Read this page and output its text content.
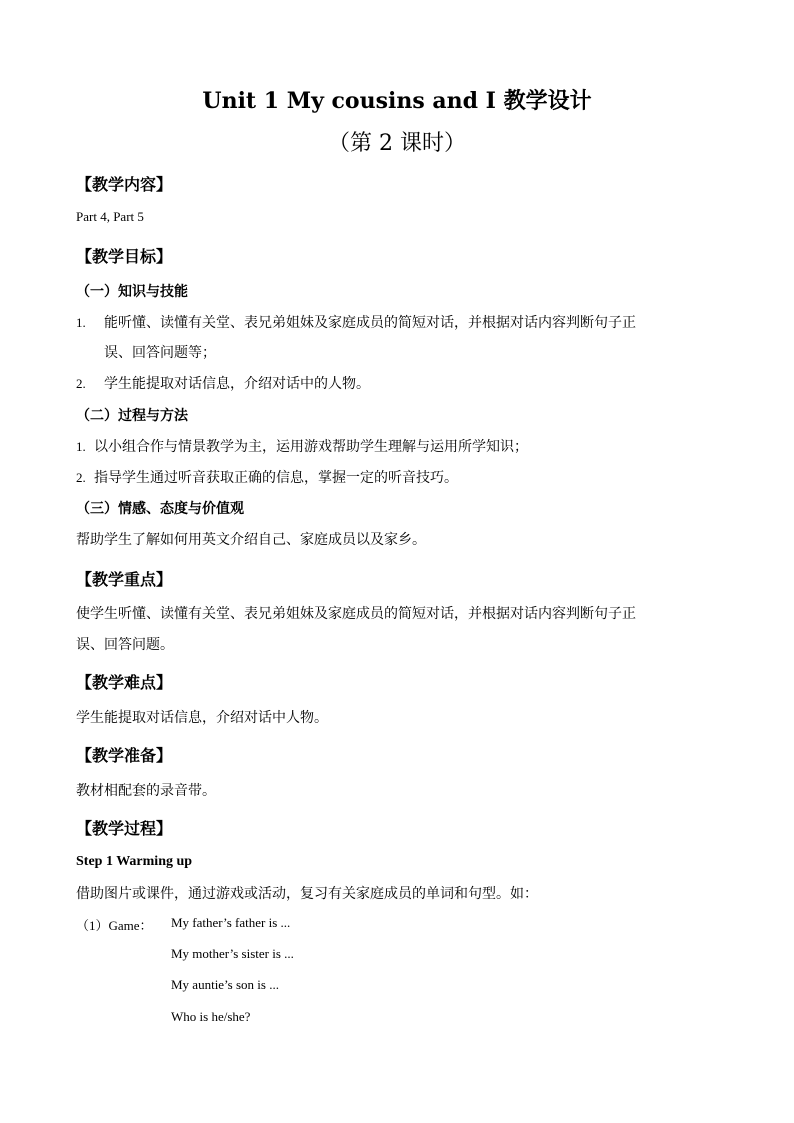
Unit 1 My cousins and I 教学设计
（第 2 课时）
【教学内容】
Part 4, Part 5
【教学目标】
（一）知识与技能
1. 能听懂、读懂有关堂、表兄弟姐妹及家庭成员的简短对话，并根据对话内容判断句子正
误、回答问题等；
2. 学生能提取对话信息，介绍对话中的人物。
（二）过程与方法
1. 以小组合作与情景教学为主，运用游戏帮助学生理解与运用所学知识；
2. 指导学生通过听音获取正确的信息，掌握一定的听音技巧。
（三）情感、态度与价值观
帮助学生了解如何用英文介绍自己、家庭成员以及家乡。
【教学重点】
使学生听懂、读懂有关堂、表兄弟姐妹及家庭成员的简短对话，并根据对话内容判断句子正
误、回答问题。
【教学难点】
学生能提取对话信息，介绍对话中人物。
【教学准备】
教材相配套的录音带。
【教学过程】
Step 1 Warming up
借助图片或课件，通过游戏或活动，复习有关家庭成员的单词和句型。如：
（1）Game： My father’s father is ...
My mother’s sister is ...
My auntie’s son is ...
Who is he/she?
